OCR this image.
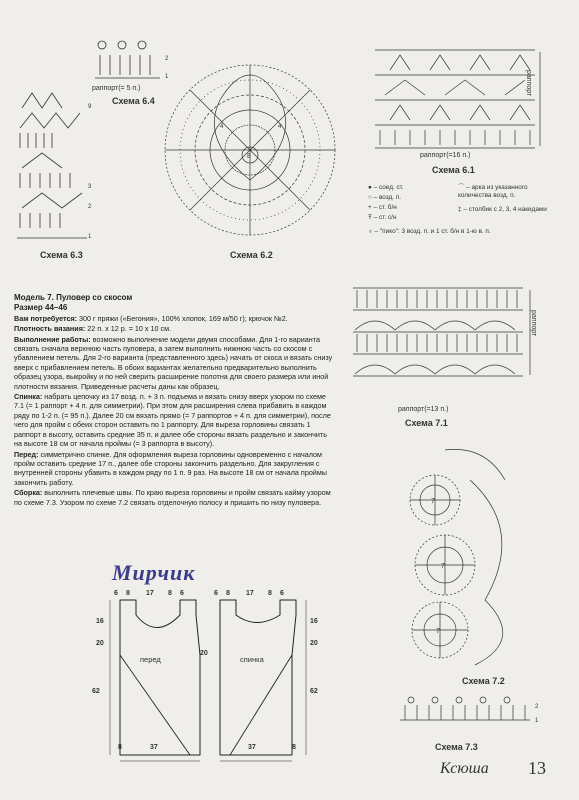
2
1
раппорт(= 5 п.)
Схема 6.4
9
3
2
1
Схема 6.3
8
4	4
Схема 6.2
раппорт
раппорт(=16 п.)
Схема 6.1
● – соед. ст.
○ – возд. п.
+ – ст. б/н
Ŧ – ст. с/н
⌒ – арка из указанного количества возд. п.
‡ – столбик с 2, 3, 4 накидами
♁ – "пико": 3 возд. п. и 1 ст. б/н в 1-ю в. п.

Модель 7. Пуловер со скосом

Размер 44–46

Вам потребуется: 300 г пряжи («Бегония», 100% хлопок, 169 м/50 г); крючок №2.

Плотность вязания: 22 п. х 12 р. = 10 х 10 см.

Выполнение работы: возможно выполнение модели двумя способами. Для 1-го варианта связать сначала верхнюю часть пуловера, а затем выполнить нижнюю часть со скосом с убавлением петель. Для 2-го варианта (представленного здесь) начать от скоса и вязать снизу вверх с прибавлением петель. В обоих вариантах желательно предварительно выполнить образец узора, выкройку и по ней сверить расширение полотна для своего размера или иной плотности вязания. Приведенные расчеты даны как образец.

Спинка: набрать цепочку из 17 возд. п. + 3 п. подъема и вязать снизу вверх узором по схеме 7.1 (= 1 раппорт + 4 п. для симметрии). При этом для расширения слева прибавить в каждом ряду по 1-2 п. (= 95 п.). Далее 20 см вязать прямо (= 7 раппортов + 4 п. для симметрии), после чего для пройм с обеих сторон оставить по 1 раппорту. Для выреза горловины связать 1 раппорт в высоту, оставить средние 35 п. и далее обе стороны вязать раздельно и закончить на высоте 18 см от начала проймы (= 3 раппорта в высоту).

Перед: симметрично спинке. Для оформления выреза горловины одновременно с началом пройм оставить средние 17 п., далее обе стороны закончить раздельно. Для закругления с внутренней стороны убавить в каждом ряду по 1 п. 9 раз. На высоте 18 см от начала проймы закончить работу.

Сборка: выполнить плечевые швы. По краю выреза горловины и пройм связать кайму узором по схеме 7.3. Узором по схеме 7.2 связать отделочную полосу и пришить по низу пуловера.

раппорт
раппорт(=13 п.)
Схема 7.1
7
7
7
Схема 7.2
2
1
Схема 7.3
Мирчик
перед	спинка
6 8 17 8 6	6 8 17 8 6
16
20
62
20
16
20
62
8	37	8
37
Ксюша 13
